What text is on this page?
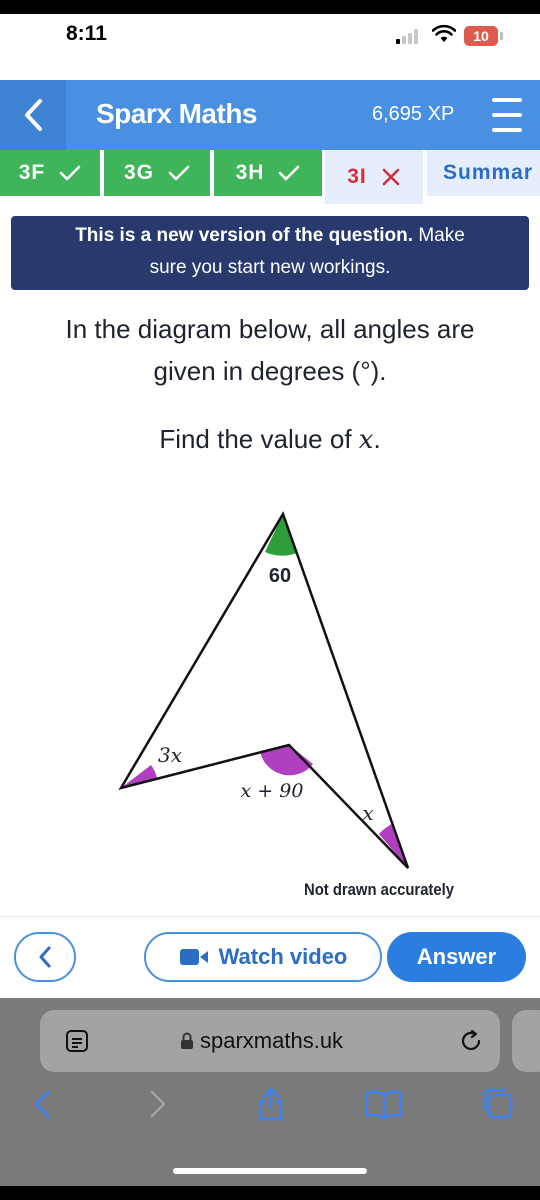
8:11	10
Sparx Maths	6,695 XP
3F	3G	3H	3I	Summar
This is a new version of the question. Make
sure you start new workings.
In the diagram below, all angles are
given in degrees (°).
Find the value of x.
60
3x
x + 90
x
Not drawn accurately
Watch video	Answer
sparxmaths.uk
